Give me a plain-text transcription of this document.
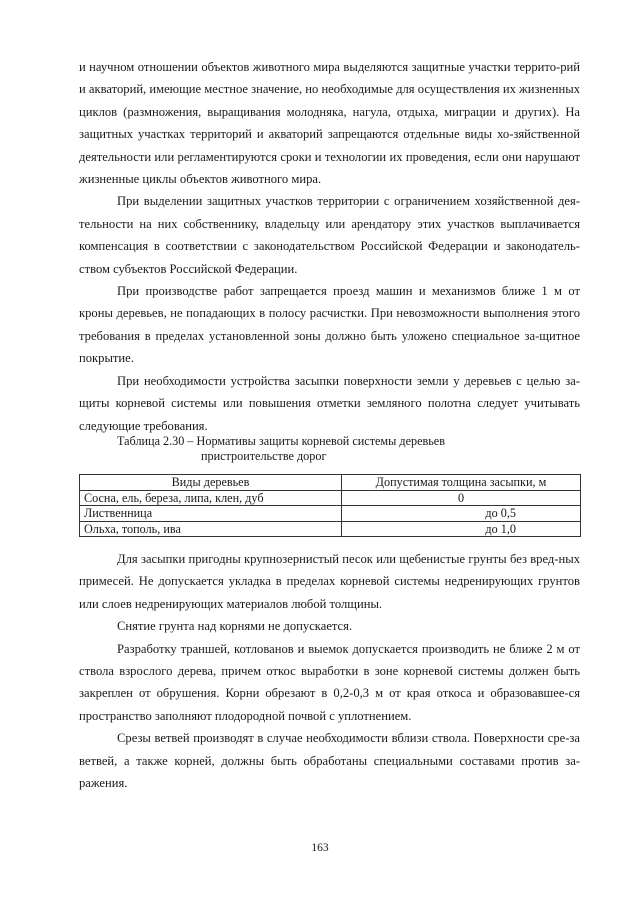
и научном отношении объектов животного мира выделяются защитные участки террито-рий и акваторий, имеющие местное значение, но необходимые для осуществления их жизненных циклов (размножения, выращивания молодняка, нагула, отдыха, миграции и других). На защитных участках территорий и акваторий запрещаются отдельные виды хо-зяйственной деятельности или регламентируются сроки и технологии их проведения, если они нарушают жизненные циклы объектов животного мира.

При выделении защитных участков территории с ограничением хозяйственной дея-тельности на них собственнику, владельцу или арендатору этих участков выплачивается компенсация в соответствии с законодательством Российской Федерации и законодатель-ством субъектов Российской Федерации.

При производстве работ запрещается проезд машин и механизмов ближе 1 м от кроны деревьев, не попадающих в полосу расчистки. При невозможности выполнения этого требования в пределах установленной зоны должно быть уложено специальное за-щитное покрытие.

При необходимости устройства засыпки поверхности земли у деревьев с целью за-щиты корневой системы или повышения отметки земляного полотна следует учитывать следующие требования.

Таблица 2.30 – Нормативы защиты корневой системы деревьев
пристроительстве дорог

Виды деревьев	Допустимая толщина засыпки, м
Сосна, ель, береза, липа, клен, дуб	0
Лиственница	до 0,5
Ольха, тополь, ива	до 1,0

Для засыпки пригодны крупнозернистый песок или щебенистые грунты без вред-ных примесей. Не допускается укладка в пределах корневой системы недренирующих грунтов или слоев недренирующих материалов любой толщины.

Снятие грунта над корнями не допускается.

Разработку траншей, котлованов и выемок допускается производить не ближе 2 м от ствола взрослого дерева, причем откос выработки в зоне корневой системы должен быть закреплен от обрушения. Корни обрезают в 0,2-0,3 м от края откоса и образовавшее-ся пространство заполняют плодородной почвой с уплотнением.

Срезы ветвей производят в случае необходимости вблизи ствола. Поверхности сре-за ветвей, а также корней, должны быть обработаны специальными составами против за-ражения.

163
